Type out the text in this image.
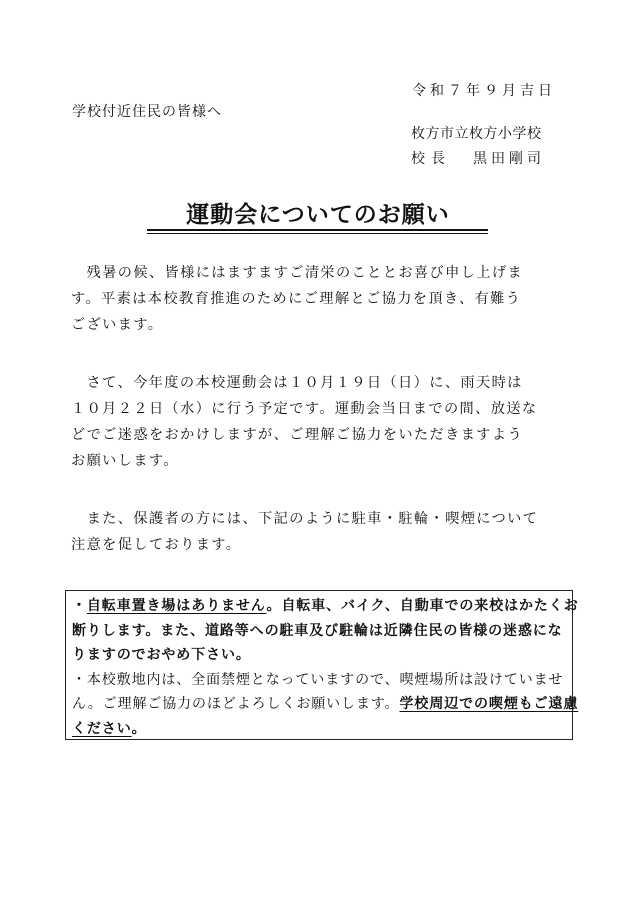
令和７年９月吉日
学校付近住民の皆様へ
枚方市立枚方小学校
校長 黒田剛司
運動会についてのお願い
　残暑の候、皆様にはますますご清栄のこととお喜び申し上げま
す。平素は本校教育推進のためにご理解とご協力を頂き、有難う
ございます。
　さて、今年度の本校運動会は１０月１９日（日）に、雨天時は
１０月２２日（水）に行う予定です。運動会当日までの間、放送な
どでご迷惑をおかけしますが、ご理解ご協力をいただきますよう
お願いします。
　また、保護者の方には、下記のように駐車・駐輪・喫煙について
注意を促しております。
・自転車置き場はありません。自転車、バイク、自動車での来校はかたくお
断りします。また、道路等への駐車及び駐輪は近隣住民の皆様の迷惑にな
りますのでおやめ下さい。
・本校敷地内は、全面禁煙となっていますので、喫煙場所は設けていませ
ん。ご理解ご協力のほどよろしくお願いします。学校周辺での喫煙もご遠慮
ください。
